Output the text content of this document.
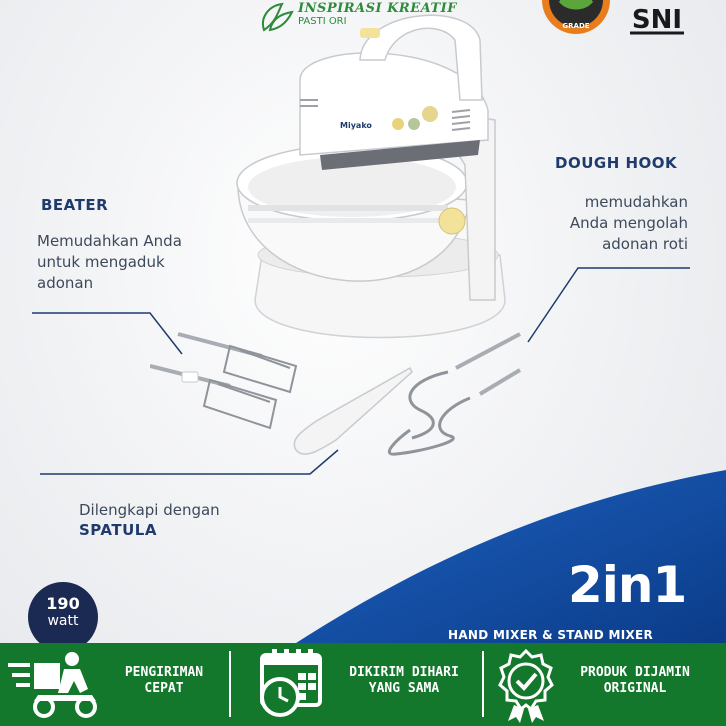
INSPIRASI KREATIF
PASTI ORI	GRADE SNI
Miyako
BEATER
Memudahkan Anda
untuk mengaduk
adonan
DOUGH HOOK
memudahkan
Anda mengolah
adonan roti
Dilengkapi dengan
SPATULA
190
watt
2in1
HAND MIXER & STAND MIXER
PENGIRIMAN
CEPAT
DIKIRIM DIHARI
YANG SAMA
PRODUK DIJAMIN
ORIGINAL
